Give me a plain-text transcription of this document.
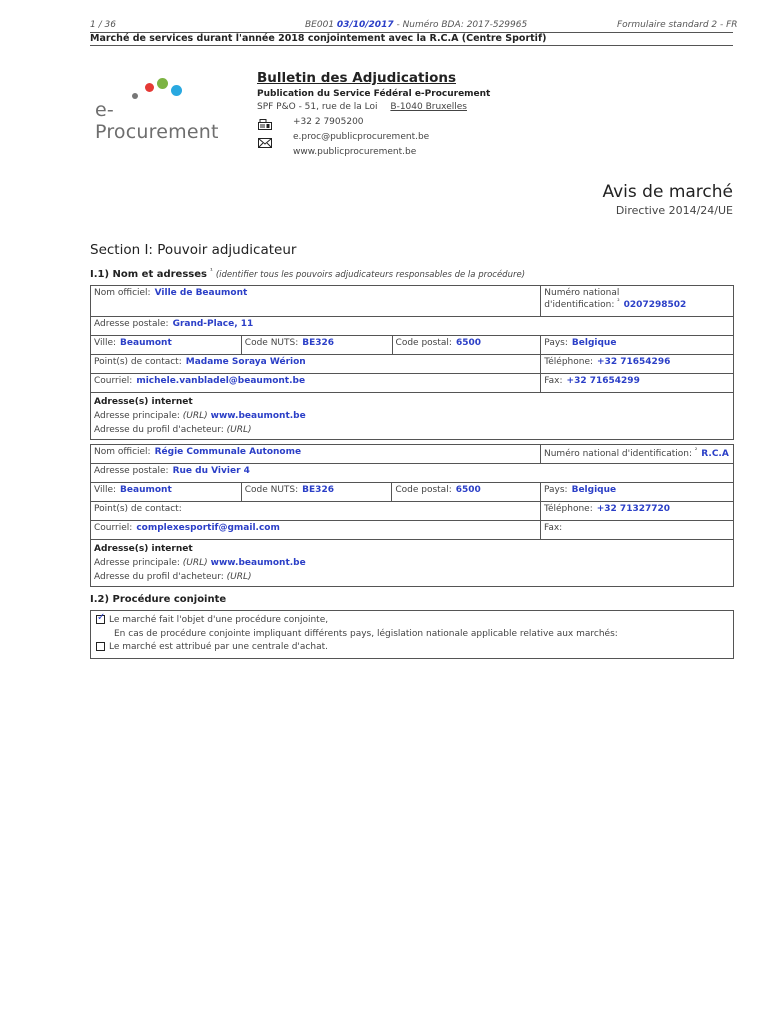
1 / 36	BE001 03/10/2017 - Numéro BDA: 2017-529965	Formulaire standard 2 - FR
Marché de services durant l'année 2018 conjointement avec la R.C.A (Centre Sportif)
e-Procurement
Bulletin des Adjudications
Publication du Service Fédéral e-Procurement
SPF P&O - 51, rue de la Loi B-1040 Bruxelles
+32 2 7905200
e.proc@publicprocurement.be
www.publicprocurement.be
Avis de marché
Directive 2014/24/UE
Section I: Pouvoir adjudicateur
I.1) Nom et adresses $^{^1}$ (identifier tous les pouvoirs adjudicateurs responsables de la procédure)
Nom officiel: Ville de Beaumont			Numéro national
d'identification: $^{^2}$ 0207298502
Adresse postale: Grand-Place, 11			
Ville: Beaumont	Code NUTS: BE326	Code postal: 6500	Pays: Belgique
Point(s) de contact: Madame Soraya Wérion			Téléphone: +32 71654296
Courriel: michele.vanbladel@beaumont.be			Fax: +32 71654299
Adresse(s) internet
Adresse principale: (URL) www.beaumont.be
Adresse du profil d'acheteur: (URL)			
Nom officiel: Régie Communale Autonome			Numéro national d'identification: $^{^2}$ R.C.A
Adresse postale: Rue du Vivier 4			
Ville: Beaumont	Code NUTS: BE326	Code postal: 6500	Pays: Belgique
Point(s) de contact:			Téléphone: +32 71327720
Courriel: complexesportif@gmail.com			Fax:
Adresse(s) internet
Adresse principale: (URL) www.beaumont.be
Adresse du profil d'acheteur: (URL)			
I.2) Procédure conjointe
✓Le marché fait l'objet d'une procédure conjointe,
En cas de procédure conjointe impliquant différents pays, législation nationale applicable relative aux marchés:
Le marché est attribué par une centrale d'achat.
